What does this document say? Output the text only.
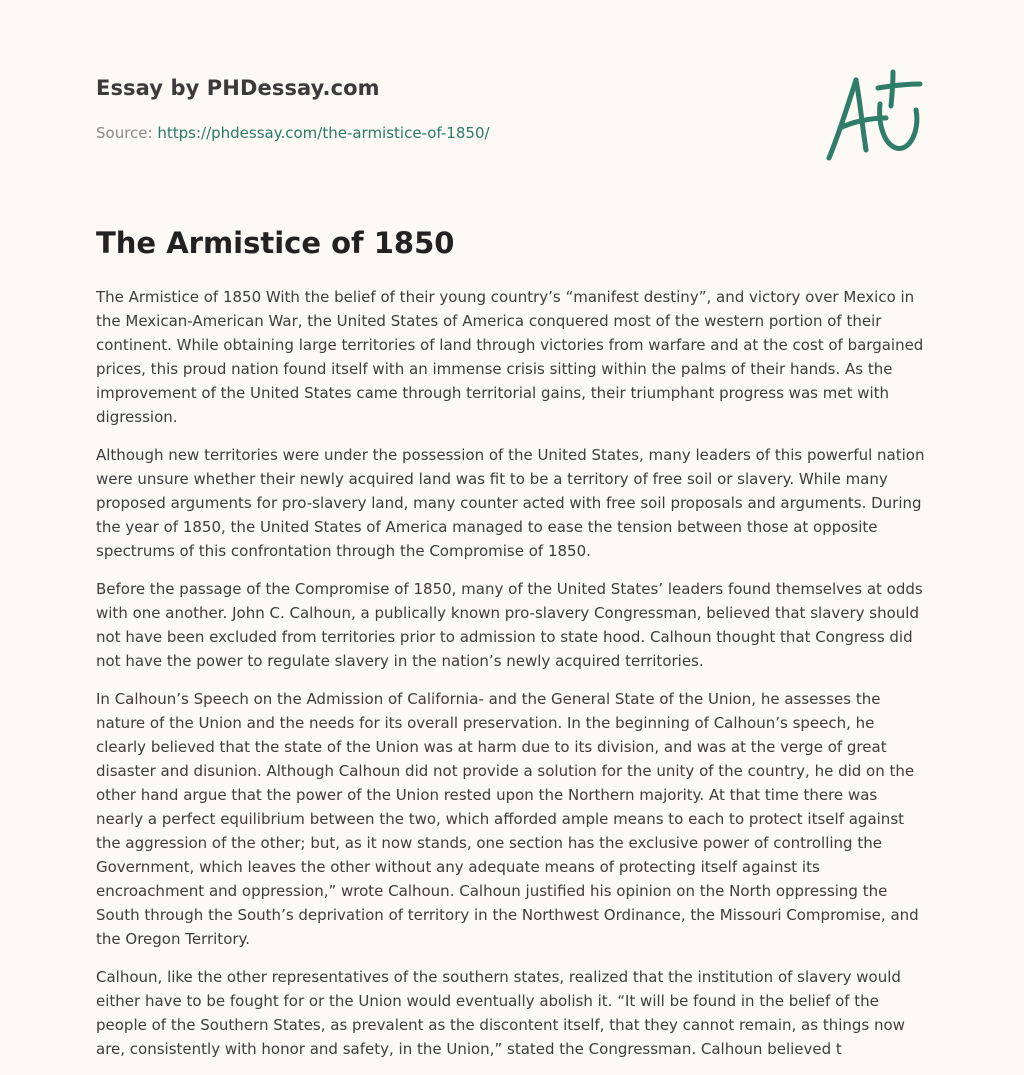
Essay by PHDessay.com
Source: https://phdessay.com/the-armistice-of-1850/
The Armistice of 1850

The Armistice of 1850 With the belief of their young country’s “manifest destiny”, and victory over Mexico in the Mexican-American War, the United States of America conquered most of the western portion of their continent. While obtaining large territories of land through victories from warfare and at the cost of bargained prices, this proud nation found itself with an immense crisis sitting within the palms of their hands. As the improvement of the United States came through territorial gains, their triumphant progress was met with digression.

Although new territories were under the possession of the United States, many leaders of this powerful nation were unsure whether their newly acquired land was fit to be a territory of free soil or slavery. While many proposed arguments for pro-slavery land, many counter acted with free soil proposals and arguments. During the year of 1850, the United States of America managed to ease the tension between those at opposite spectrums of this confrontation through the Compromise of 1850.

Before the passage of the Compromise of 1850, many of the United States’ leaders found themselves at odds with one another. John C. Calhoun, a publically known pro-slavery Congressman, believed that slavery should not have been excluded from territories prior to admission to state hood. Calhoun thought that Congress did not have the power to regulate slavery in the nation’s newly acquired territories.

In Calhoun’s Speech on the Admission of California- and the General State of the Union, he assesses the nature of the Union and the needs for its overall preservation. In the beginning of Calhoun’s speech, he clearly believed that the state of the Union was at harm due to its division, and was at the verge of great disaster and disunion. Although Calhoun did not provide a solution for the unity of the country, he did on the other hand argue that the power of the Union rested upon the Northern majority. At that time there was nearly a perfect equilibrium between the two, which afforded ample means to each to protect itself against the aggression of the other; but, as it now stands, one section has the exclusive power of controlling the Government, which leaves the other without any adequate means of protecting itself against its encroachment and oppression,” wrote Calhoun. Calhoun justified his opinion on the North oppressing the South through the South’s deprivation of territory in the Northwest Ordinance, the Missouri Compromise, and the Oregon Territory.

Calhoun, like the other representatives of the southern states, realized that the institution of slavery would either have to be fought for or the Union would eventually abolish it. “It will be found in the belief of the people of the Southern States, as prevalent as the discontent itself, that they cannot remain, as things now are, consistently with honor and safety, in the Union,” stated the Congressman. Calhoun believed t
